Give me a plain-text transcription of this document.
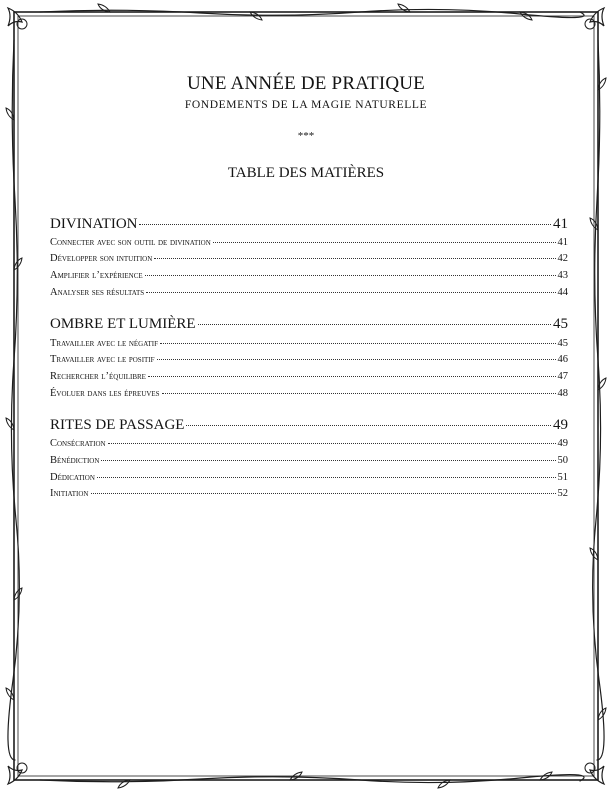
UNE ANNÉE DE PRATIQUE
FONDEMENTS DE LA MAGIE NATURELLE
***
TABLE DES MATIÈRES
DIVINATION	41
Connecter avec son outil de divination	41
Développer son intuition	42
Amplifier l’expérience	43
Analyser ses résultats	44
OMBRE ET LUMIÈRE	45
Travailler avec le négatif	45
Travailler avec le positif	46
Rechercher l’équilibre	47
Évoluer dans les épreuves	48
RITES DE PASSAGE	49
Consécration	49
Bénédiction	50
Dédication	51
Initiation	52
